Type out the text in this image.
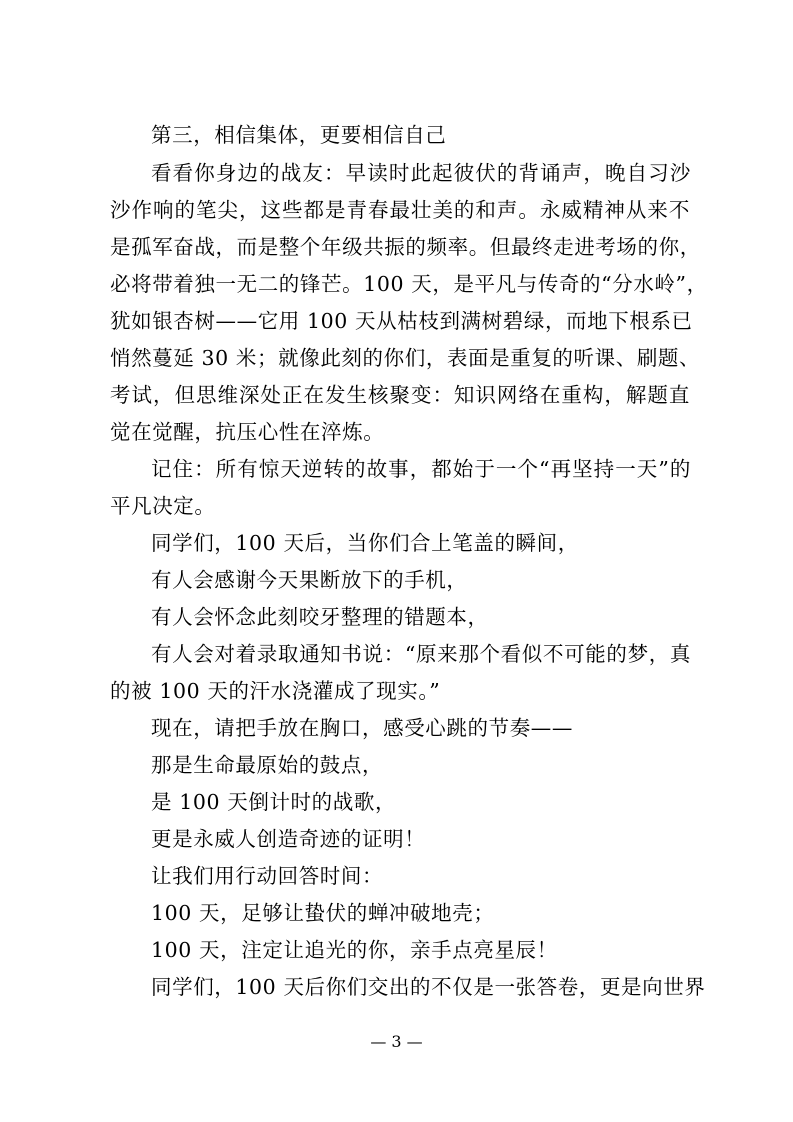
第三，相信集体，更要相信自己
看看你身边的战友：早读时此起彼伏的背诵声，晚自习沙
沙作响的笔尖，这些都是青春最壮美的和声。永威精神从来不
是孤军奋战，而是整个年级共振的频率。但最终走进考场的你，
必将带着独一无二的锋芒。100 天，是平凡与传奇的“分水岭”，
犹如银杏树——它用 100 天从枯枝到满树碧绿，而地下根系已
悄然蔓延 30 米；就像此刻的你们，表面是重复的听课、刷题、
考试，但思维深处正在发生核聚变：知识网络在重构，解题直
觉在觉醒，抗压心性在淬炼。
记住：所有惊天逆转的故事，都始于一个“再坚持一天”的
平凡决定。
同学们，100 天后，当你们合上笔盖的瞬间，
有人会感谢今天果断放下的手机，
有人会怀念此刻咬牙整理的错题本，
有人会对着录取通知书说：“原来那个看似不可能的梦，真
的被 100 天的汗水浇灌成了现实。”
现在，请把手放在胸口，感受心跳的节奏——
那是生命最原始的鼓点，
是 100 天倒计时的战歌，
更是永威人创造奇迹的证明！
让我们用行动回答时间：
100 天，足够让蛰伏的蝉冲破地壳；
100 天，注定让追光的你，亲手点亮星辰！
同学们，100 天后你们交出的不仅是一张答卷，更是向世界
— 3 —
